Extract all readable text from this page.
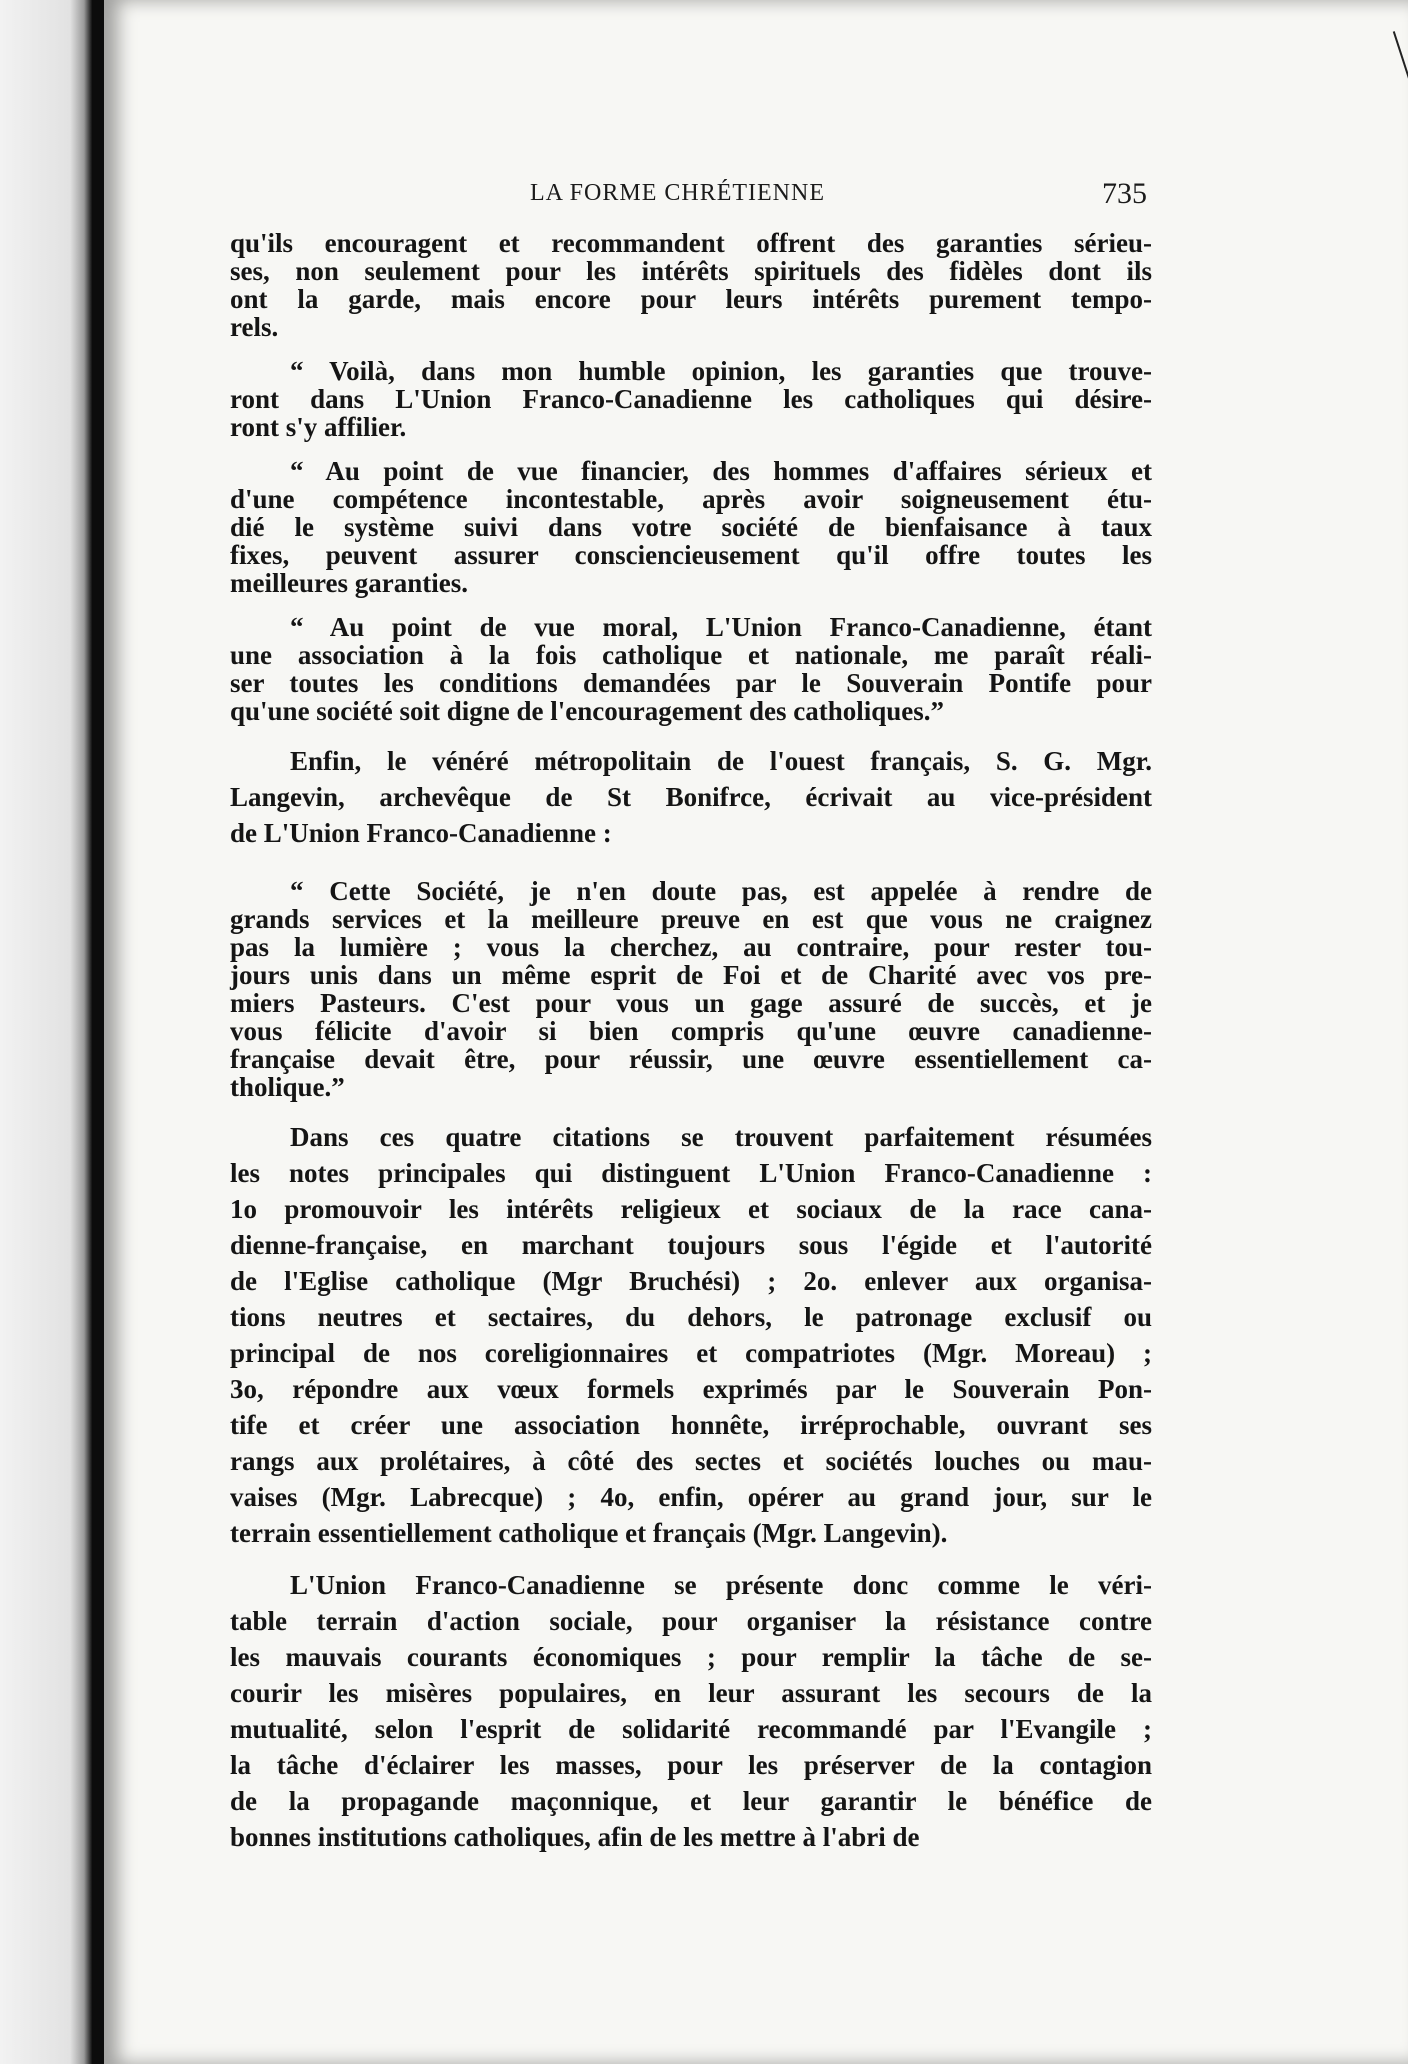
LA FORME CHRÉTIENNE	735
qu'ils encouragent et recommandent offrent des garanties sérieu-
ses, non seulement pour les intérêts spirituels des fidèles dont ils
ont la garde, mais encore pour leurs intérêts purement tempo-
rels.
“ Voilà, dans mon humble opinion, les garanties que trouve-
ront dans L'Union Franco-Canadienne les catholiques qui désire-
ront s'y affilier.
“ Au point de vue financier, des hommes d'affaires sérieux et
d'une compétence incontestable, après avoir soigneusement étu-
dié le système suivi dans votre société de bienfaisance à taux
fixes, peuvent assurer consciencieusement qu'il offre toutes les
meilleures garanties.
“ Au point de vue moral, L'Union Franco-Canadienne, étant
une association à la fois catholique et nationale, me paraît réali-
ser toutes les conditions demandées par le Souverain Pontife pour
qu'une société soit digne de l'encouragement des catholiques.”
Enfin, le vénéré métropolitain de l'ouest français, S. G. Mgr.
Langevin, archevêque de St Bonifrce, écrivait au vice-président
de L'Union Franco-Canadienne :
“ Cette Société, je n'en doute pas, est appelée à rendre de
grands services et la meilleure preuve en est que vous ne craignez
pas la lumière ; vous la cherchez, au contraire, pour rester tou-
jours unis dans un même esprit de Foi et de Charité avec vos pre-
miers Pasteurs. C'est pour vous un gage assuré de succès, et je
vous félicite d'avoir si bien compris qu'une œuvre canadienne-
française devait être, pour réussir, une œuvre essentiellement ca-
tholique.”
Dans ces quatre citations se trouvent parfaitement résumées
les notes principales qui distinguent L'Union Franco-Canadienne :
1o promouvoir les intérêts religieux et sociaux de la race cana-
dienne-française, en marchant toujours sous l'égide et l'autorité
de l'Eglise catholique (Mgr Bruchési) ; 2o. enlever aux organisa-
tions neutres et sectaires, du dehors, le patronage exclusif ou
principal de nos coreligionnaires et compatriotes (Mgr. Moreau) ;
3o, répondre aux vœux formels exprimés par le Souverain Pon-
tife et créer une association honnête, irréprochable, ouvrant ses
rangs aux prolétaires, à côté des sectes et sociétés louches ou mau-
vaises (Mgr. Labrecque) ; 4o, enfin, opérer au grand jour, sur le
terrain essentiellement catholique et français (Mgr. Langevin).
L'Union Franco-Canadienne se présente donc comme le véri-
table terrain d'action sociale, pour organiser la résistance contre
les mauvais courants économiques ; pour remplir la tâche de se-
courir les misères populaires, en leur assurant les secours de la
mutualité, selon l'esprit de solidarité recommandé par l'Evangile ;
la tâche d'éclairer les masses, pour les préserver de la contagion
de la propagande maçonnique, et leur garantir le bénéfice de
bonnes institutions catholiques, afin de les mettre à l'abri de
